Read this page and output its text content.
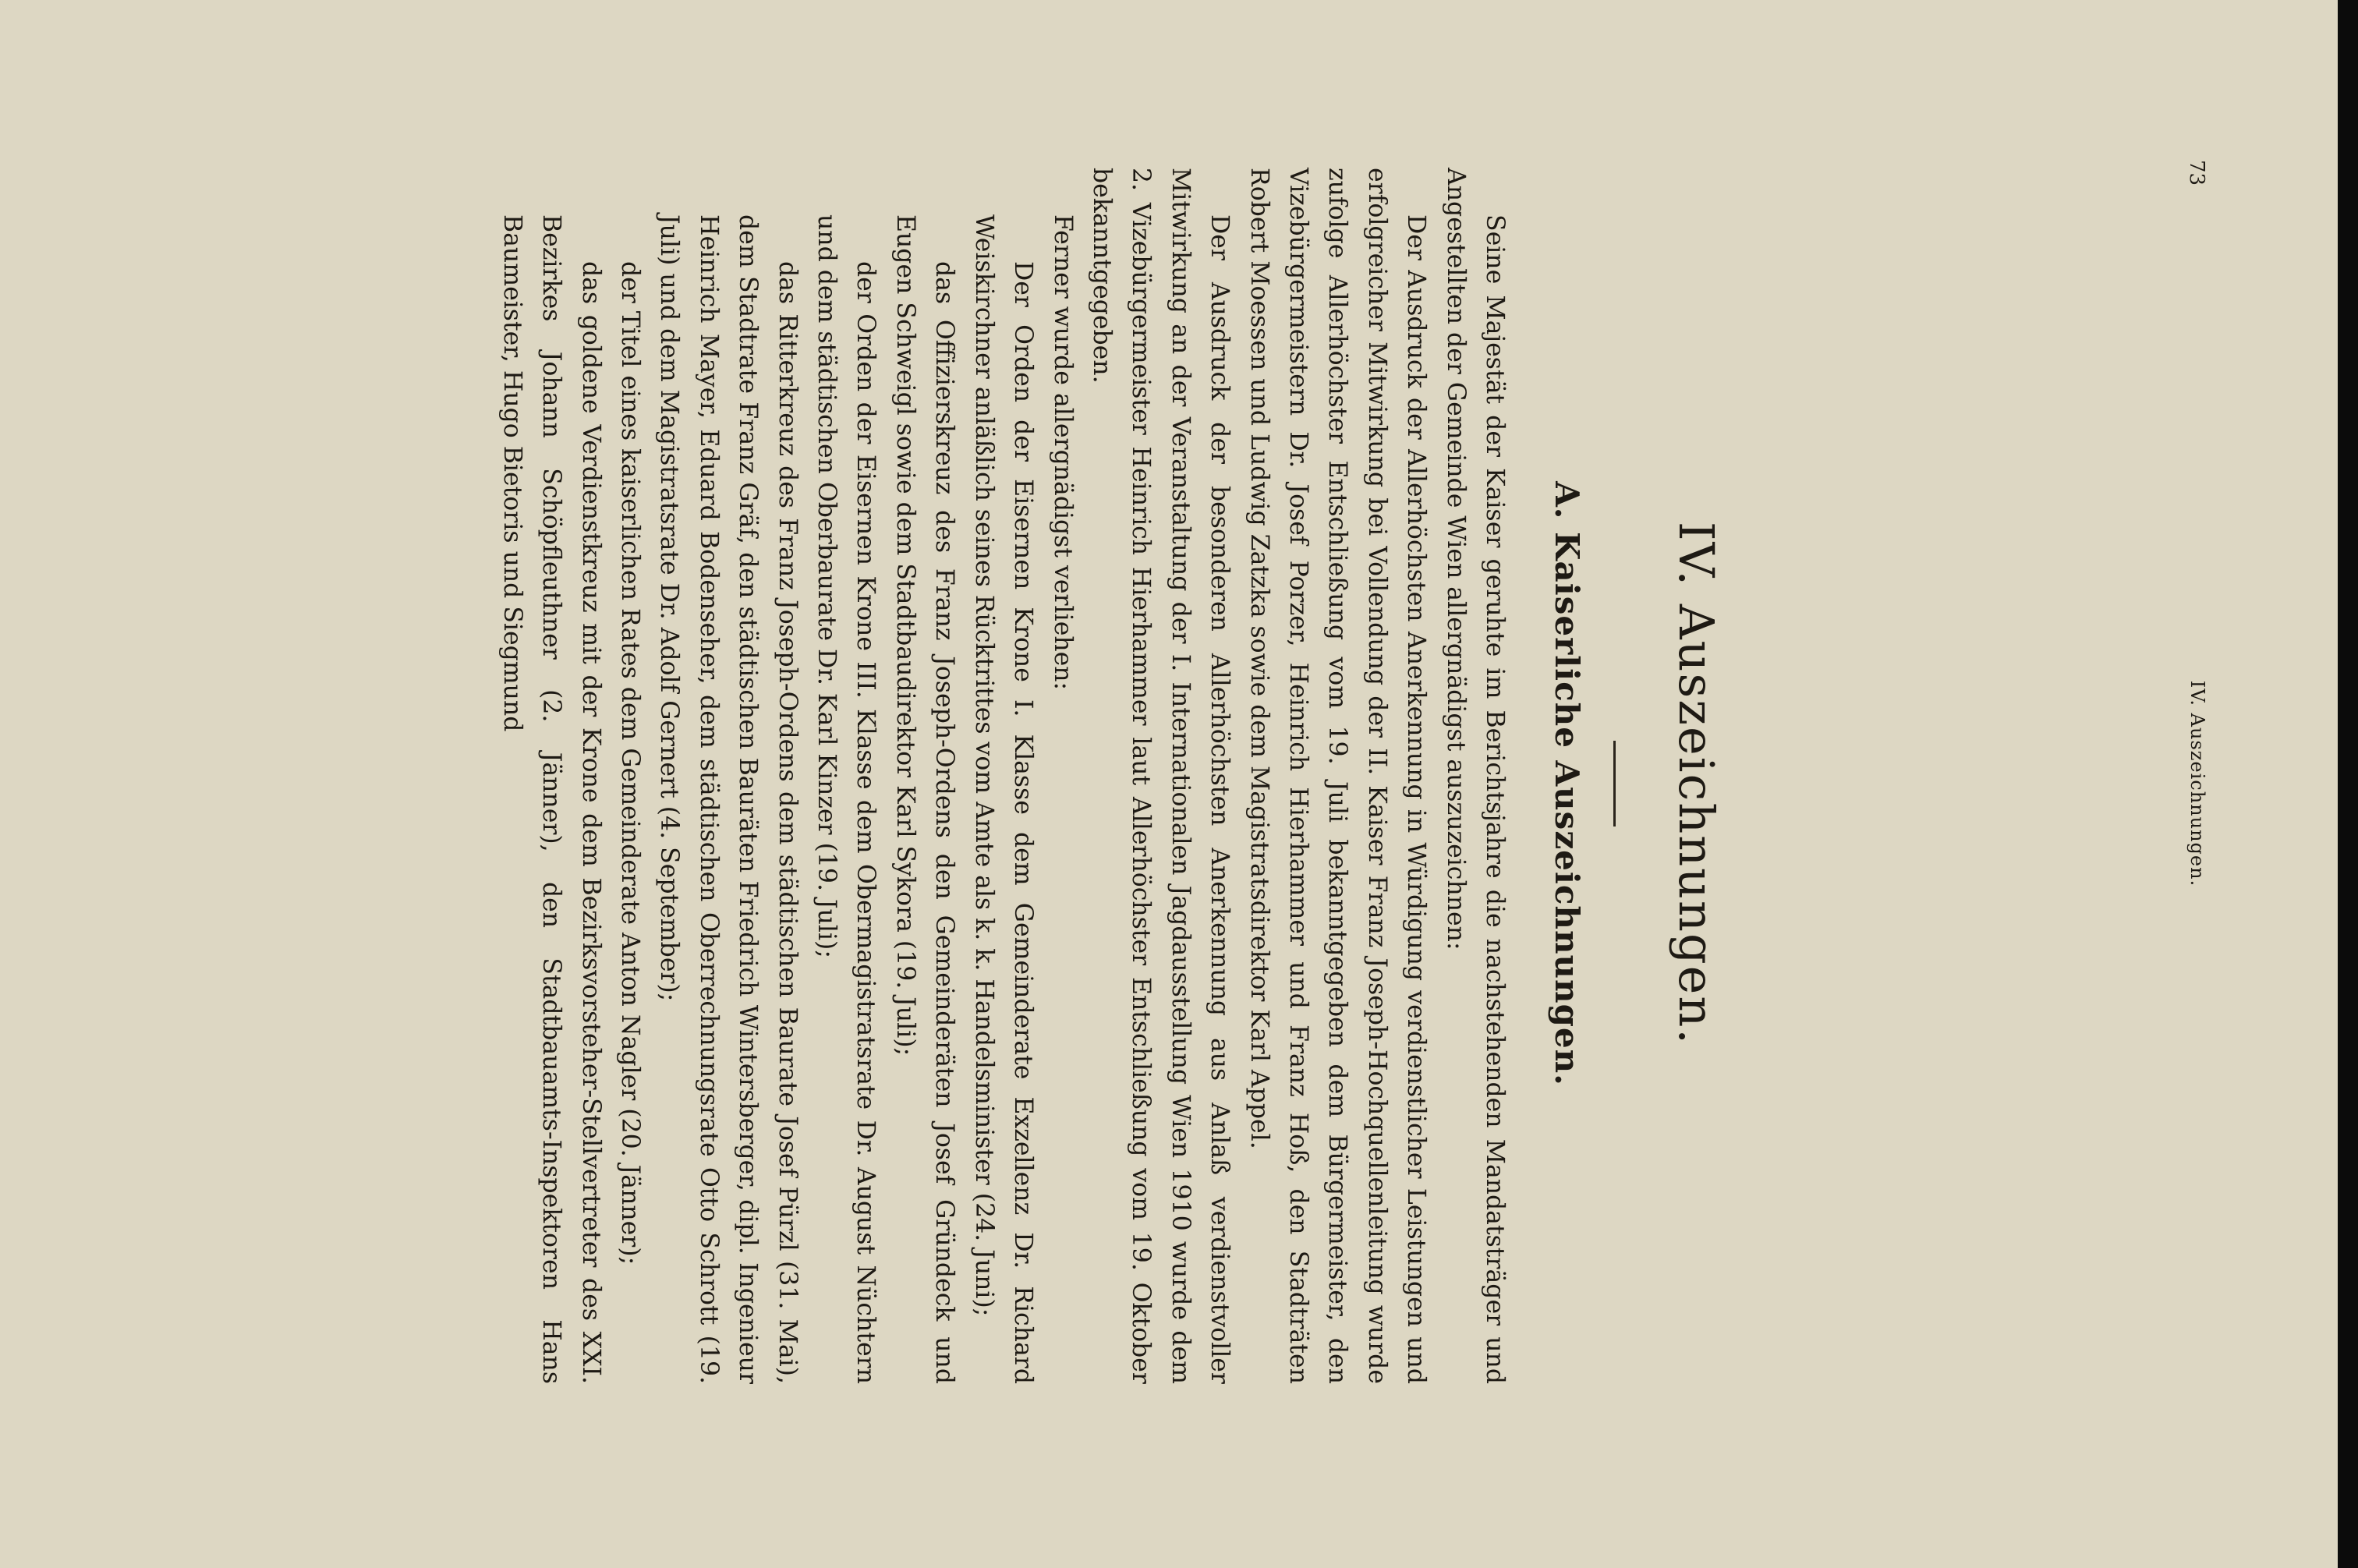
IV. Auszeichnungen.
73
IV. Auszeichnungen.
A. Kaiserliche Auszeichnungen.

Seine Majestät der Kaiser geruhte im Berichtsjahre die nachstehenden Mandatsträger und Angestellten der Gemeinde Wien allergnädigst auszuzeichnen:

Der Ausdruck der Allerhöchsten Anerkennung in Würdigung verdienstlicher Leistungen und erfolgreicher Mitwirkung bei Vollendung der II. Kaiser Franz Joseph-Hochquellenleitung wurde zufolge Allerhöchster Entschließung vom 19. Juli bekanntgegeben dem Bürgermeister, den Vizebürgermeistern Dr. Josef Porzer, Heinrich Hierhammer und Franz Hoß, den Stadträten Robert Moessen und Ludwig Zatzka sowie dem Magistratsdirektor Karl Appel.

Der Ausdruck der besonderen Allerhöchsten Anerkennung aus Anlaß verdienstvoller Mitwirkung an der Veranstaltung der I. Internationalen Jagdausstellung Wien 1910 wurde dem 2. Vizebürgermeister Heinrich Hierhammer laut Allerhöchster Entschließung vom 19. Oktober bekanntgegeben.

Ferner wurde allergnädigst verliehen:

Der Orden der Eisernen Krone I. Klasse dem Gemeinderate Exzellenz Dr. Richard Weiskirchner anläßlich seines Rücktrittes vom Amte als k. k. Handelsminister (24. Juni);

das Offizierskreuz des Franz Joseph-Ordens den Gemeinderäten Josef Gründeck und Eugen Schweigl sowie dem Stadtbaudirektor Karl Sykora (19. Juli);

der Orden der Eisernen Krone III. Klasse dem Obermagistratsrate Dr. August Nüchtern und dem städtischen Oberbaurate Dr. Karl Kinzer (19. Juli);

das Ritterkreuz des Franz Joseph-Ordens dem städtischen Baurate Josef Pürzl (31. Mai), dem Stadtrate Franz Gräf, den städtischen Bauräten Friedrich Wintersberger, dipl. Ingenieur Heinrich Mayer, Eduard Bodenseher, dem städtischen Oberrechnungsrate Otto Schrott (19. Juli) und dem Magistratsrate Dr. Adolf Gernert (4. September);

der Titel eines kaiserlichen Rates dem Gemeinderate Anton Nagler (20. Jänner);

das goldene Verdienstkreuz mit der Krone dem Bezirksvorsteher-Stellvertreter des XXI. Bezirkes Johann Schöpfleuthner (2. Jänner), den Stadtbauamts-Inspektoren Hans Baumeister, Hugo Bietoris und Siegmund
